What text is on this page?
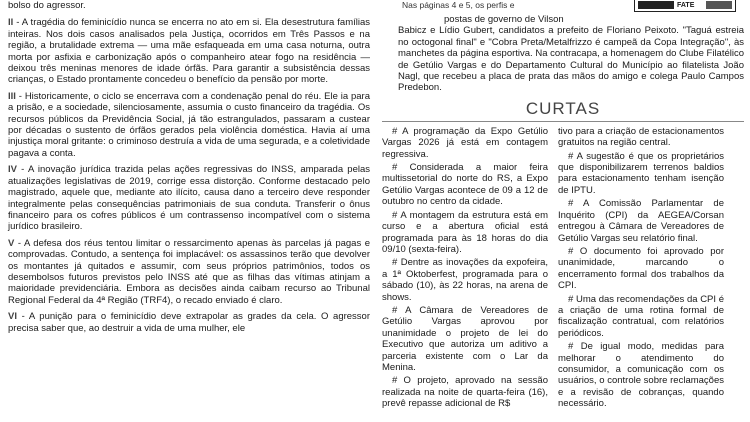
bolso do agressor.

II - A tragédia do feminicídio nunca se encerra no ato em si. Ela desestrutura famílias inteiras. Nos dois casos analisados pela Justiça, ocorridos em Três Passos e na região, a brutalidade extrema — uma mãe esfaqueada em uma casa noturna, outra morta por asfixia e carbonização após o companheiro atear fogo na residência — deixou três meninas menores de idade órfãs. Para garantir a subsistência dessas crianças, o Estado prontamente concedeu o benefício da pensão por morte.

III - Historicamente, o ciclo se encerrava com a condenação penal do réu. Ele ia para a prisão, e a sociedade, silenciosamente, assumia o custo financeiro da tragédia. Os recursos públicos da Previdência Social, já tão estrangulados, passaram a custear por décadas o sustento de órfãos gerados pela violência doméstica. Havia aí uma injustiça moral gritante: o criminoso destruía a vida de uma segurada, e a coletividade pagava a conta.

IV - A inovação jurídica trazida pelas ações regressivas do INSS, amparada pelas atualizações legislativas de 2019, corrige essa distorção. Conforme destacado pelo magistrado, aquele que, mediante ato ilícito, causa dano a terceiro deve responder integralmente pelas consequências patrimoniais de sua conduta. Transferir o ônus financeiro para os cofres públicos é um contrassenso incompatível com o sistema jurídico brasileiro.

V - A defesa dos réus tentou limitar o ressarcimento apenas às parcelas já pagas e comprovadas. Contudo, a sentença foi implacável: os assassinos terão que devolver os montantes já quitados e assumir, com seus próprios patrimônios, todos os desembolsos futuros previstos pelo INSS até que as filhas das vítimas atinjam a maioridade previdenciária. Embora as decisões ainda caibam recurso ao Tribunal Regional Federal da 4ª Região (TRF4), o recado enviado é claro.

VI - A punição para o feminicídio deve extrapolar as grades da cela. O agressor precisa saber que, ao destruir a vida de uma mulher, ele

Nas páginas 4 e 5, os perfis e	FATE
postas de governo de Vilson
Babicz e Lídio Gubert, candidatos a prefeito de Floriano Peixoto. "Taguá estreia no octogonal final" e "Cobra Preta/Metalfrizzo é campeã da Copa Integração", às manchetes da página esportiva. Na contracapa, a homenagem do Clube Filatélico de Getúlio Vargas e do Departamento Cultural do Município ao filatelista João Nagl, que recebeu a placa de prata das mãos do amigo e colega Paulo Campos Predebon.
CURTAS

# A programação da Expo Getúlio Vargas 2026 já está em contagem regressiva.

# Considerada a maior feira multissetorial do norte do RS, a Expo Getúlio Vargas acontece de 09 a 12 de outubro no centro da cidade.

# A montagem da estrutura está em curso e a abertura oficial está programada para às 18 horas do dia 09/10 (sexta-feira).

# Dentre as inovações da expofeira, a 1ª Oktoberfest, programada para o sábado (10), às 22 horas, na arena de shows.

# A Câmara de Vereadores de Getúlio Vargas aprovou por unanimidade o projeto de lei do Executivo que autoriza um aditivo a parceria existente com o Lar da Menina.

# O projeto, aprovado na sessão realizada na noite de quarta-feira (16), prevê repasse adicional de R$

tivo para a criação de estacionamentos gratuitos na região central.

# A sugestão é que os proprietários que disponibilizarem terrenos baldios para estacionamento tenham isenção de IPTU.

# A Comissão Parlamentar de Inquérito (CPI) da AEGEA/Corsan entregou à Câmara de Vereadores de Getúlio Vargas seu relatório final.

# O documento foi aprovado por unanimidade, marcando o encerramento formal dos trabalhos da CPI.

# Uma das recomendações da CPI é a criação de uma rotina formal de fiscalização contratual, com relatórios periódicos.

# De igual modo, medidas para melhorar o atendimento do consumidor, a comunicação com os usuários, o controle sobre reclamações e a revisão de cobranças, quando necessário.
